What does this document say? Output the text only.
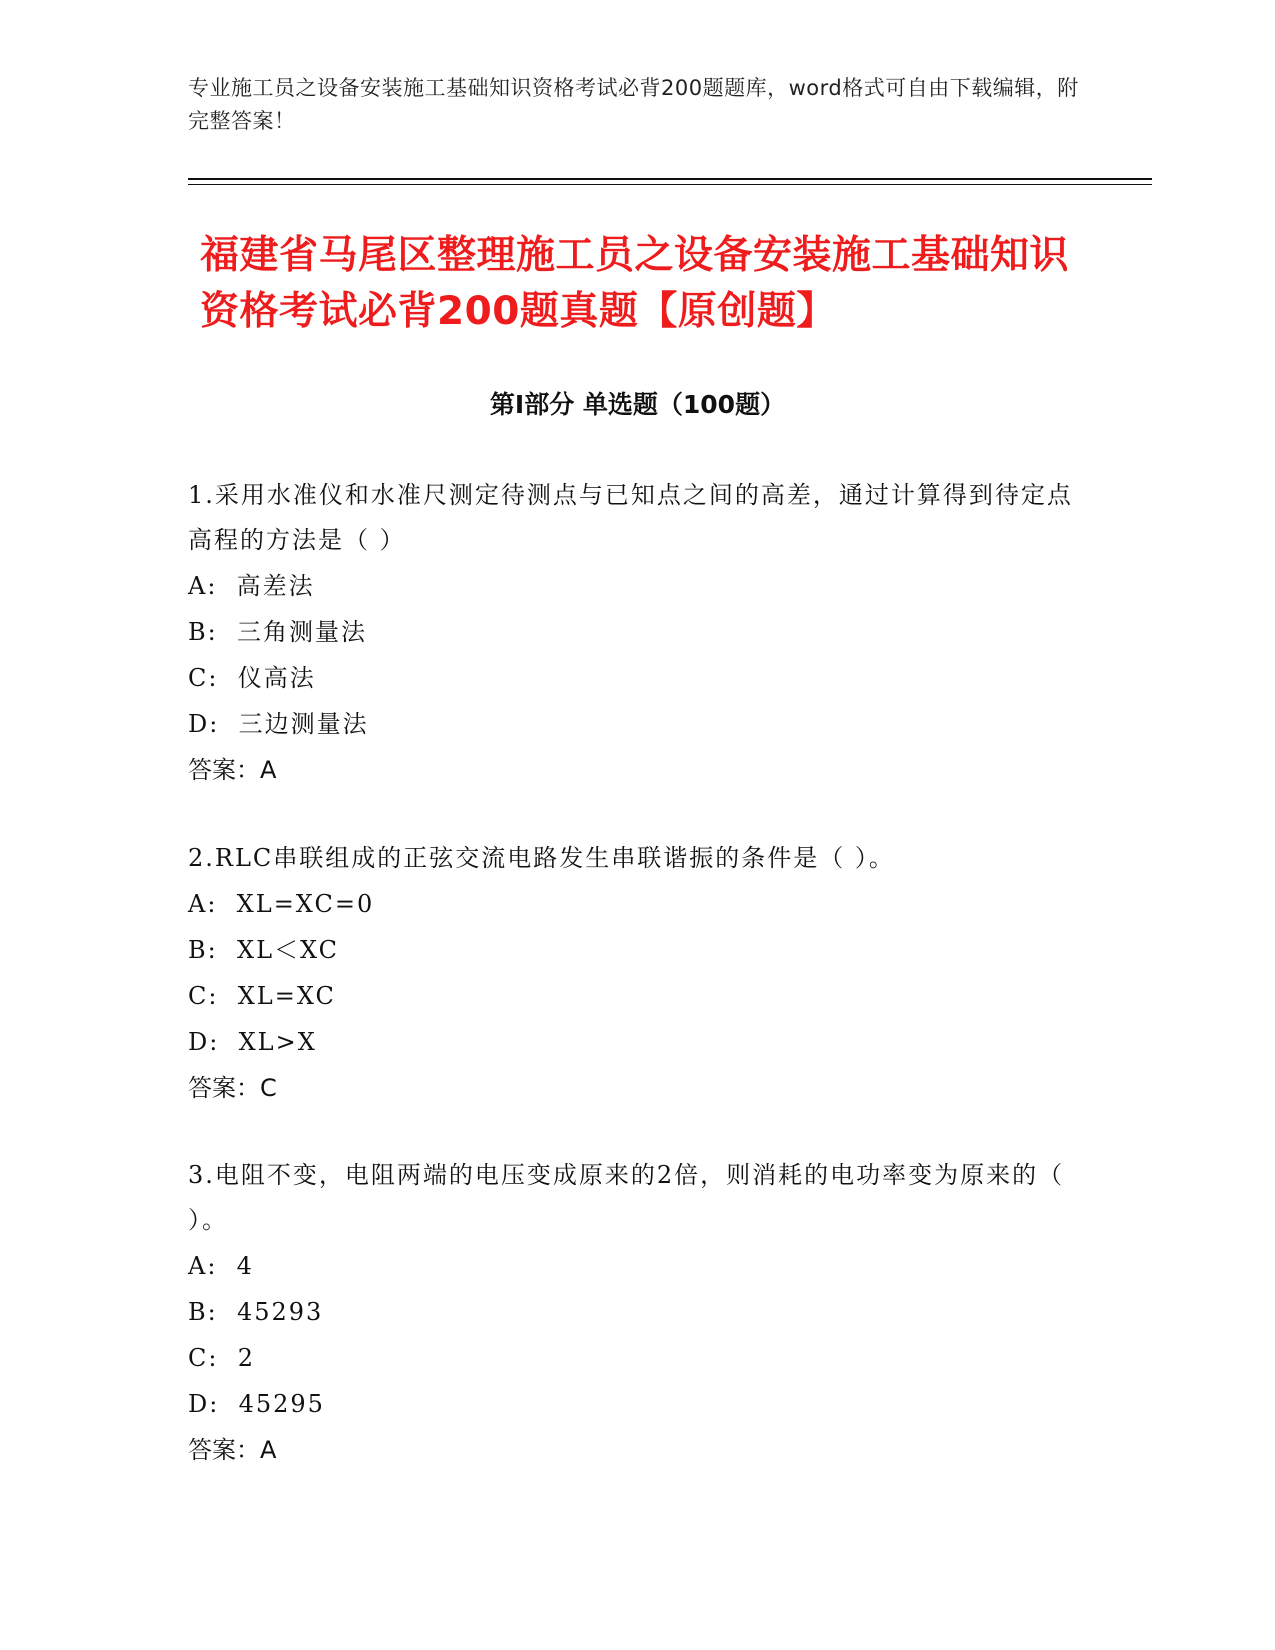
专业施工员之设备安装施工基础知识资格考试必背200题题库，word格式可自由下载编辑，附完整答案！
福建省马尾区整理施工员之设备安装施工基础知识资格考试必背200题真题【原创题】
第I部分 单选题（100题）

1.采用水准仪和水准尺测定待测点与已知点之间的高差，通过计算得到待定点高程的方法是（ ）

A:  高差法

B:  三角测量法

C:  仪高法

D:  三边测量法

答案：A

2.RLC串联组成的正弦交流电路发生串联谐振的条件是（ ）。

A:  XL=XC=0

B:  XL＜XC

C:  XL=XC

D:  XL>X

答案：C

3.电阻不变，电阻两端的电压变成原来的2倍，则消耗的电功率变为原来的（ ）。

A:  4

B:  45293

C:  2

D:  45295

答案：A
